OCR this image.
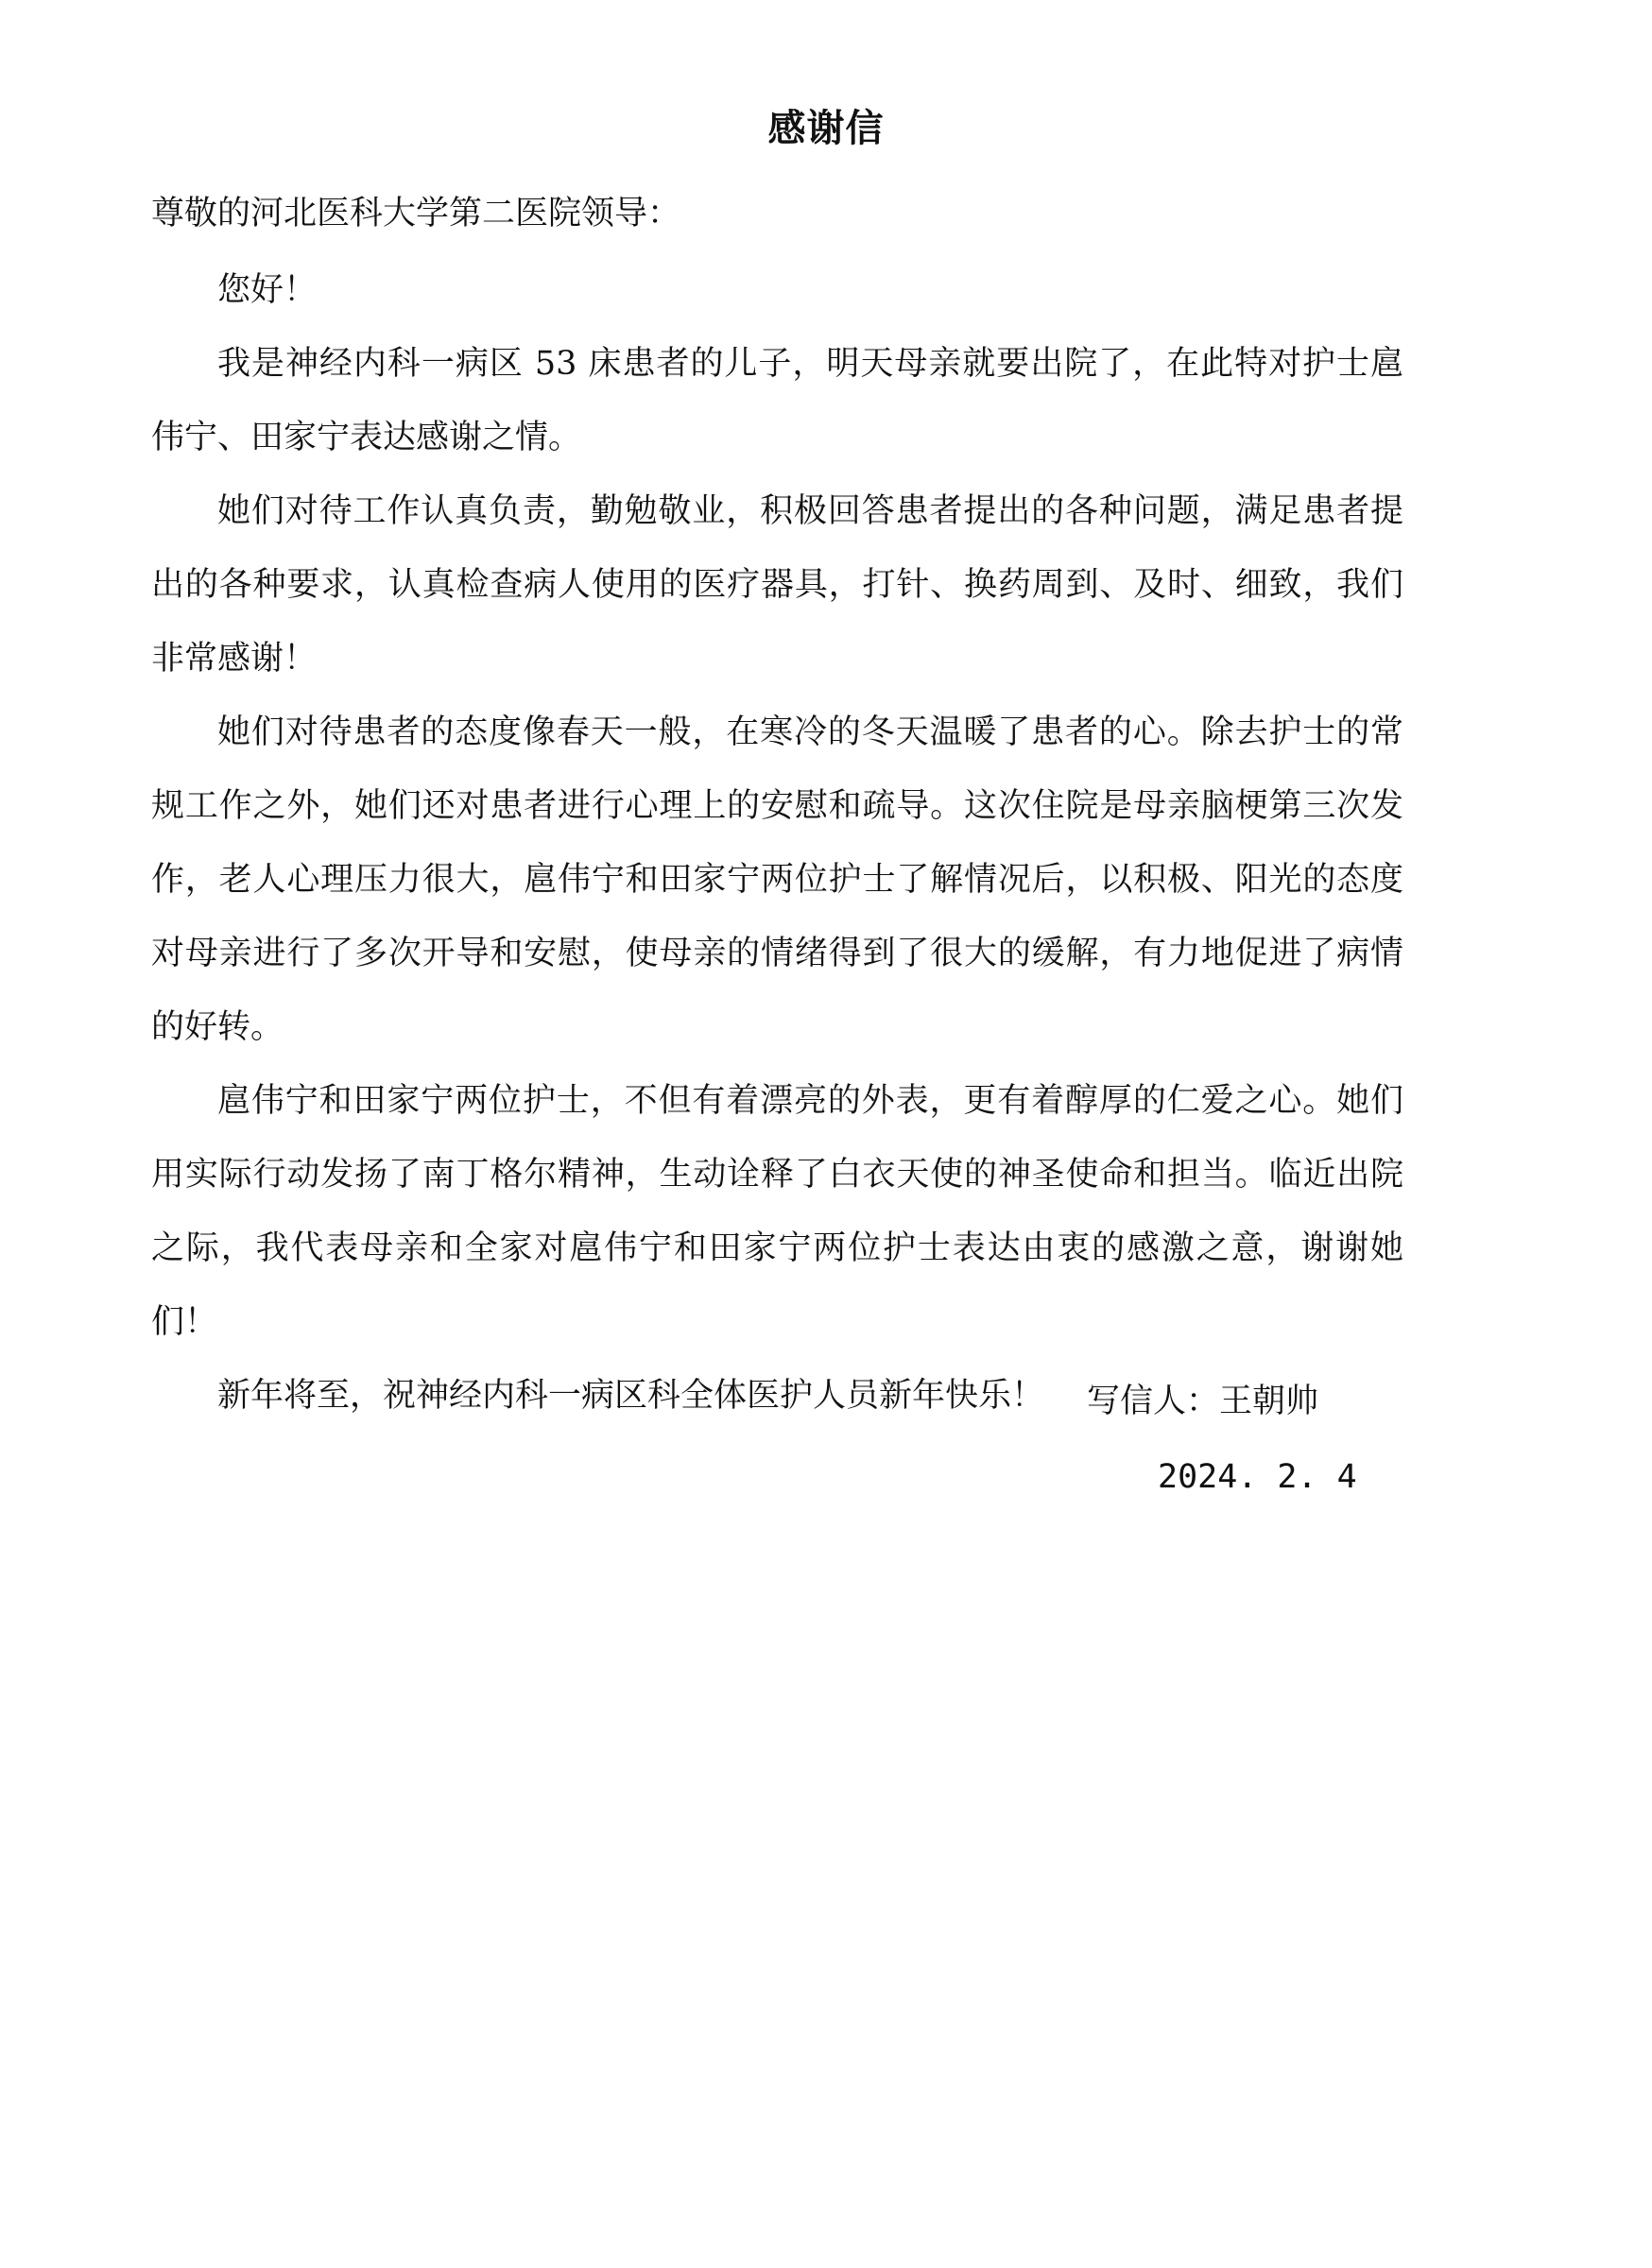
感谢信
尊敬的河北医科大学第二医院领导：

您好！

我是神经内科一病区 53 床患者的儿子，明天母亲就要出院了，在此特对护士扈伟宁、田家宁表达感谢之情。

她们对待工作认真负责，勤勉敬业，积极回答患者提出的各种问题，满足患者提出的各种要求，认真检查病人使用的医疗器具，打针、换药周到、及时、细致，我们非常感谢！

她们对待患者的态度像春天一般，在寒冷的冬天温暖了患者的心。除去护士的常规工作之外，她们还对患者进行心理上的安慰和疏导。这次住院是母亲脑梗第三次发作，老人心理压力很大，扈伟宁和田家宁两位护士了解情况后，以积极、阳光的态度对母亲进行了多次开导和安慰，使母亲的情绪得到了很大的缓解，有力地促进了病情的好转。

扈伟宁和田家宁两位护士，不但有着漂亮的外表，更有着醇厚的仁爱之心。她们用实际行动发扬了南丁格尔精神，生动诠释了白衣天使的神圣使命和担当。临近出院之际，我代表母亲和全家对扈伟宁和田家宁两位护士表达由衷的感激之意，谢谢她们！

新年将至，祝神经内科一病区科全体医护人员新年快乐！	写信人：王朝帅
2024. 2. 4
